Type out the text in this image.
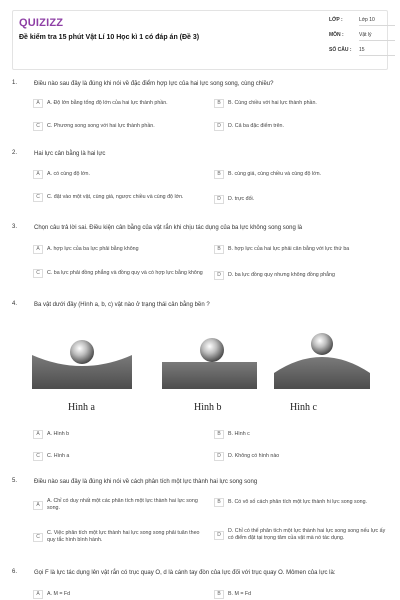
QUIZIZZ
Đề kiểm tra 15 phút Vật Lí 10 Học kì 1 có đáp án (Đề 3)
LỚP :	Lớp 10
MÔN :	Vật lý
SỐ CÂU :	15
1.	Điều nào sau đây là đúng khi nói về đặc điểm hợp lực của hai lực song song, cùng chiều?
A	A. Độ lớn bằng tổng độ lớn của hai lực thành phần.	B	B. Cùng chiều với hai lực thành phần.
C	C. Phương song song với hai lực thành phần.	D	D. Cả ba đặc điểm trên.
2.	Hai lực cân bằng là hai lực
A	A. có cùng độ lớn.	B	B. cùng giá, cùng chiều và cùng độ lớn.
C	C. đặt vào một vật, cùng giá, ngược chiều và cùng độ lớn.	D	D. trực đối.
3.	Chọn câu trả lời sai. Điều kiện cân bằng của vật rắn khi chịu tác dụng của ba lực không song song là
A	A. hợp lực của ba lực phải bằng không	B	B. hợp lực của hai lực phải cân bằng với lực thứ ba
C	C. ba lực phải đồng phẳng và đồng quy và có hợp lực bằng không	D	D. ba lực đồng quy nhưng không đồng phẳng
4.	Ba vật dưới đây (Hình a, b, c) vật nào ở trạng thái cân bằng bền ?
Hình a	Hình b	Hình c
A	A. Hình b	B	B. Hình c
C	C. Hình a	D	D. Không có hình nào
5.	Điều nào sau đây là đúng khi nói về cách phân tích một lực thành hai lực song song
A
A. Chỉ có duy nhất một các phân tích một lực thành hai lực song song.
B	B. Có vô số cách phân tích một lực thành hi lực song song.
C
C. Việc phân tích một lực thành hai lực song song phải tuân theo quy tắc hình bình hành.
D
D. Chỉ có thể phân tích một lực thành hai lực song song nếu lực ấy có điểm đặt tại trọng tâm của vật mà nó tác dụng.
6.	Gọi F là lực tác dụng lên vật rắn có trục quay O, d là cánh tay đòn của lực đối với trục quay O. Mômen của lực là:
A	A. M = Fd	B	B. M = Fd
